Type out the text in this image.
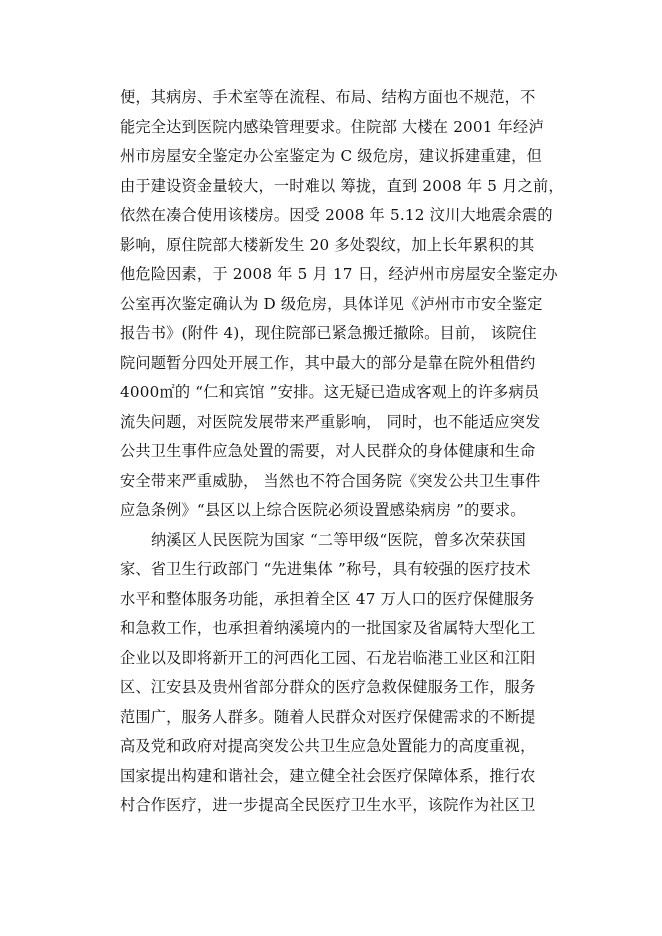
便，其病房、手术室等在流程、布局、结构方面也不规范，不
能完全达到医院内感染管理要求。住院部 大楼在 2001 年经泸
州市房屋安全鉴定办公室鉴定为 C 级危房，建议拆建重建，但
由于建设资金量较大，一时难以 筹拢，直到 2008 年 5 月之前，
依然在凑合使用该楼房。因受 2008 年 5.12 汶川大地震余震的
影响，原住院部大楼新发生 20 多处裂纹，加上长年累积的其
他危险因素，于 2008 年 5 月 17 日，经泸州市房屋安全鉴定办
公室再次鉴定确认为 D 级危房，具体详见《泸州市市安全鉴定
报告书》(附件 4)，现住院部已紧急搬迁撤除。目前， 该院住
院问题暂分四处开展工作，其中最大的部分是靠在院外租借约
4000㎡的 “仁和宾馆 ”安排。这无疑已造成客观上的许多病员
流失问题，对医院发展带来严重影响， 同时，也不能适应突发
公共卫生事件应急处置的需要，对人民群众的身体健康和生命
安全带来严重威胁， 当然也不符合国务院《突发公共卫生事件
应急条例》“县区以上综合医院必须设置感染病房 ”的要求。
纳溪区人民医院为国家 “二等甲级“医院，曾多次荣获国
家、省卫生行政部门 “先进集体 ”称号，具有较强的医疗技术
水平和整体服务功能，承担着全区 47 万人口的医疗保健服务
和急救工作，也承担着纳溪境内的一批国家及省属特大型化工
企业以及即将新开工的河西化工园、石龙岩临港工业区和江阳
区、江安县及贵州省部分群众的医疗急救保健服务工作，服务
范围广，服务人群多。随着人民群众对医疗保健需求的不断提
高及党和政府对提高突发公共卫生应急处置能力的高度重视，
国家提出构建和谐社会，建立健全社会医疗保障体系，推行农
村合作医疗，进一步提高全民医疗卫生水平，该院作为社区卫
